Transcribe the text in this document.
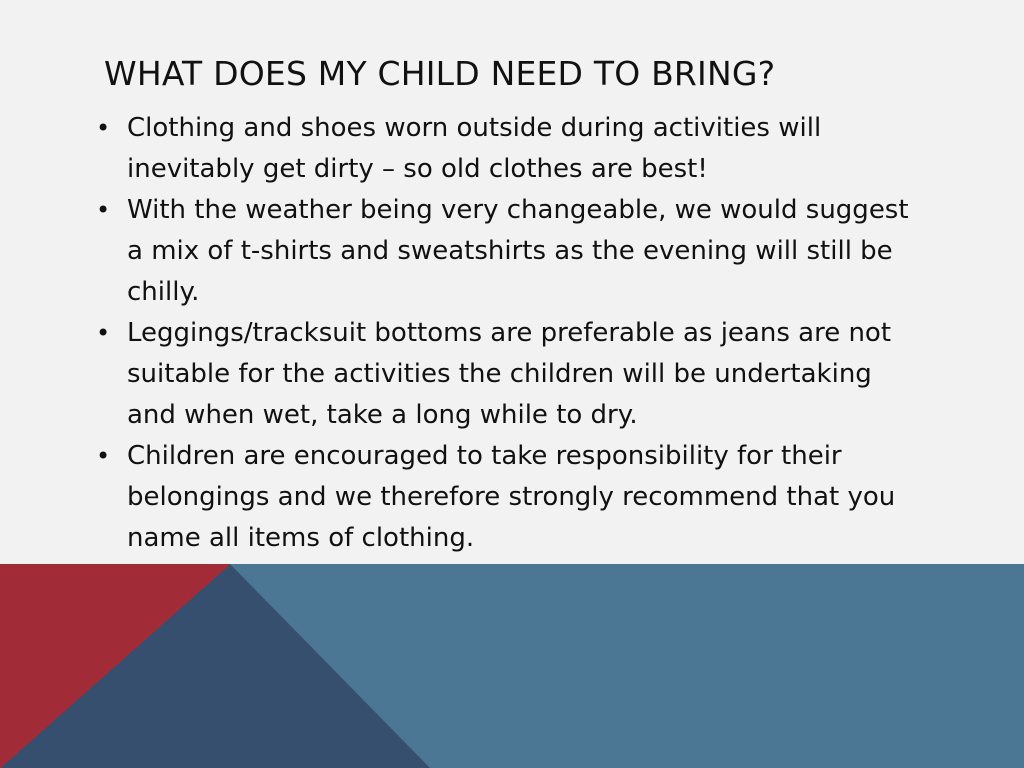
WHAT DOES MY CHILD NEED TO BRING?
• Clothing and shoes worn outside during activities will inevitably get dirty – so old clothes are best!
• With the weather being very changeable, we would suggest a mix of t-shirts and sweatshirts as the evening will still be chilly.
• Leggings/tracksuit bottoms are preferable as jeans are not suitable for the activities the children will be undertaking and when wet, take a long while to dry.
• Children are encouraged to take responsibility for their belongings and we therefore strongly recommend that you name all items of clothing.
